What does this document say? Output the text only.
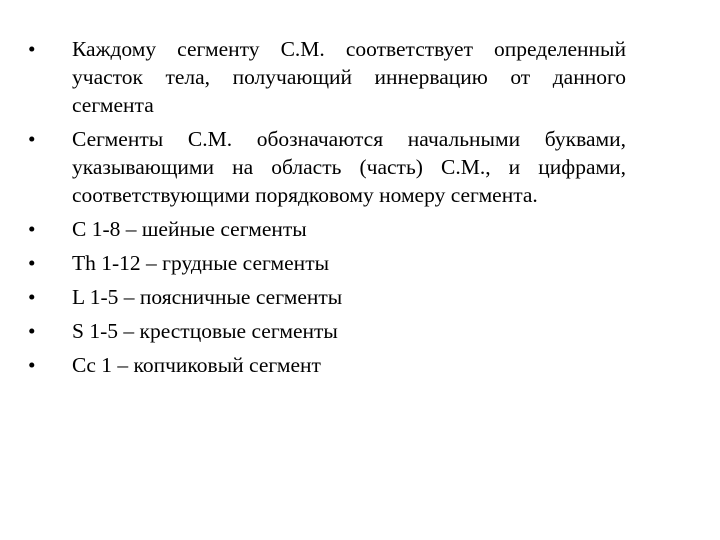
•	Каждому сегменту С.М. соответствует определенный участок тела, получающий иннервацию от данного сегмента
•	Сегменты С.М. обозначаются начальными буквами, указывающими на область (часть) С.М., и цифрами, соответствующими порядковому номеру сегмента.
•	C 1-8 – шейные сегменты
•	Th 1-12 – грудные сегменты
•	L 1-5 – поясничные сегменты
•	S 1-5 – крестцовые сегменты
•	Cc 1 – копчиковый сегмент
